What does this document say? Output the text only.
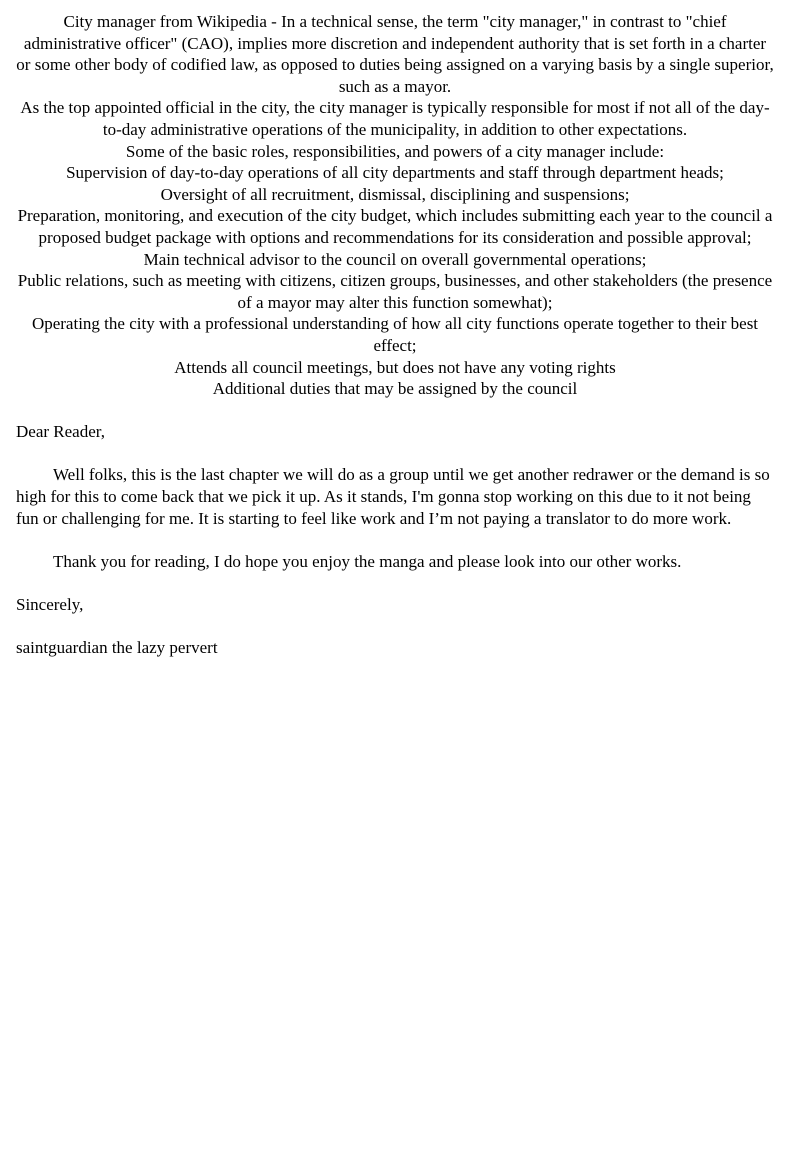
City manager from Wikipedia - In a technical sense, the term "city manager," in contrast to "chief administrative officer" (CAO), implies more discretion and independent authority that is set forth in a charter or some other body of codified law, as opposed to duties being assigned on a varying basis by a single superior, such as a mayor.

As the top appointed official in the city, the city manager is typically responsible for most if not all of the day-to-day administrative operations of the municipality, in addition to other expectations.

Some of the basic roles, responsibilities, and powers of a city manager include:

Supervision of day-to-day operations of all city departments and staff through department heads;

Oversight of all recruitment, dismissal, disciplining and suspensions;

Preparation, monitoring, and execution of the city budget, which includes submitting each year to the council a proposed budget package with options and recommendations for its consideration and possible approval;

Main technical advisor to the council on overall governmental operations;

Public relations, such as meeting with citizens, citizen groups, businesses, and other stakeholders (the presence of a mayor may alter this function somewhat);

Operating the city with a professional understanding of how all city functions operate together to their best effect;

Attends all council meetings, but does not have any voting rights

Additional duties that may be assigned by the council

Dear Reader,

Well folks, this is the last chapter we will do as a group until we get another redrawer or the demand is so high for this to come back that we pick it up. As it stands, I'm gonna stop working on this due to it not being fun or challenging for me. It is starting to feel like work and I’m not paying a translator to do more work.

Thank you for reading, I do hope you enjoy the manga and please look into our other works.

Sincerely,

saintguardian the lazy pervert
